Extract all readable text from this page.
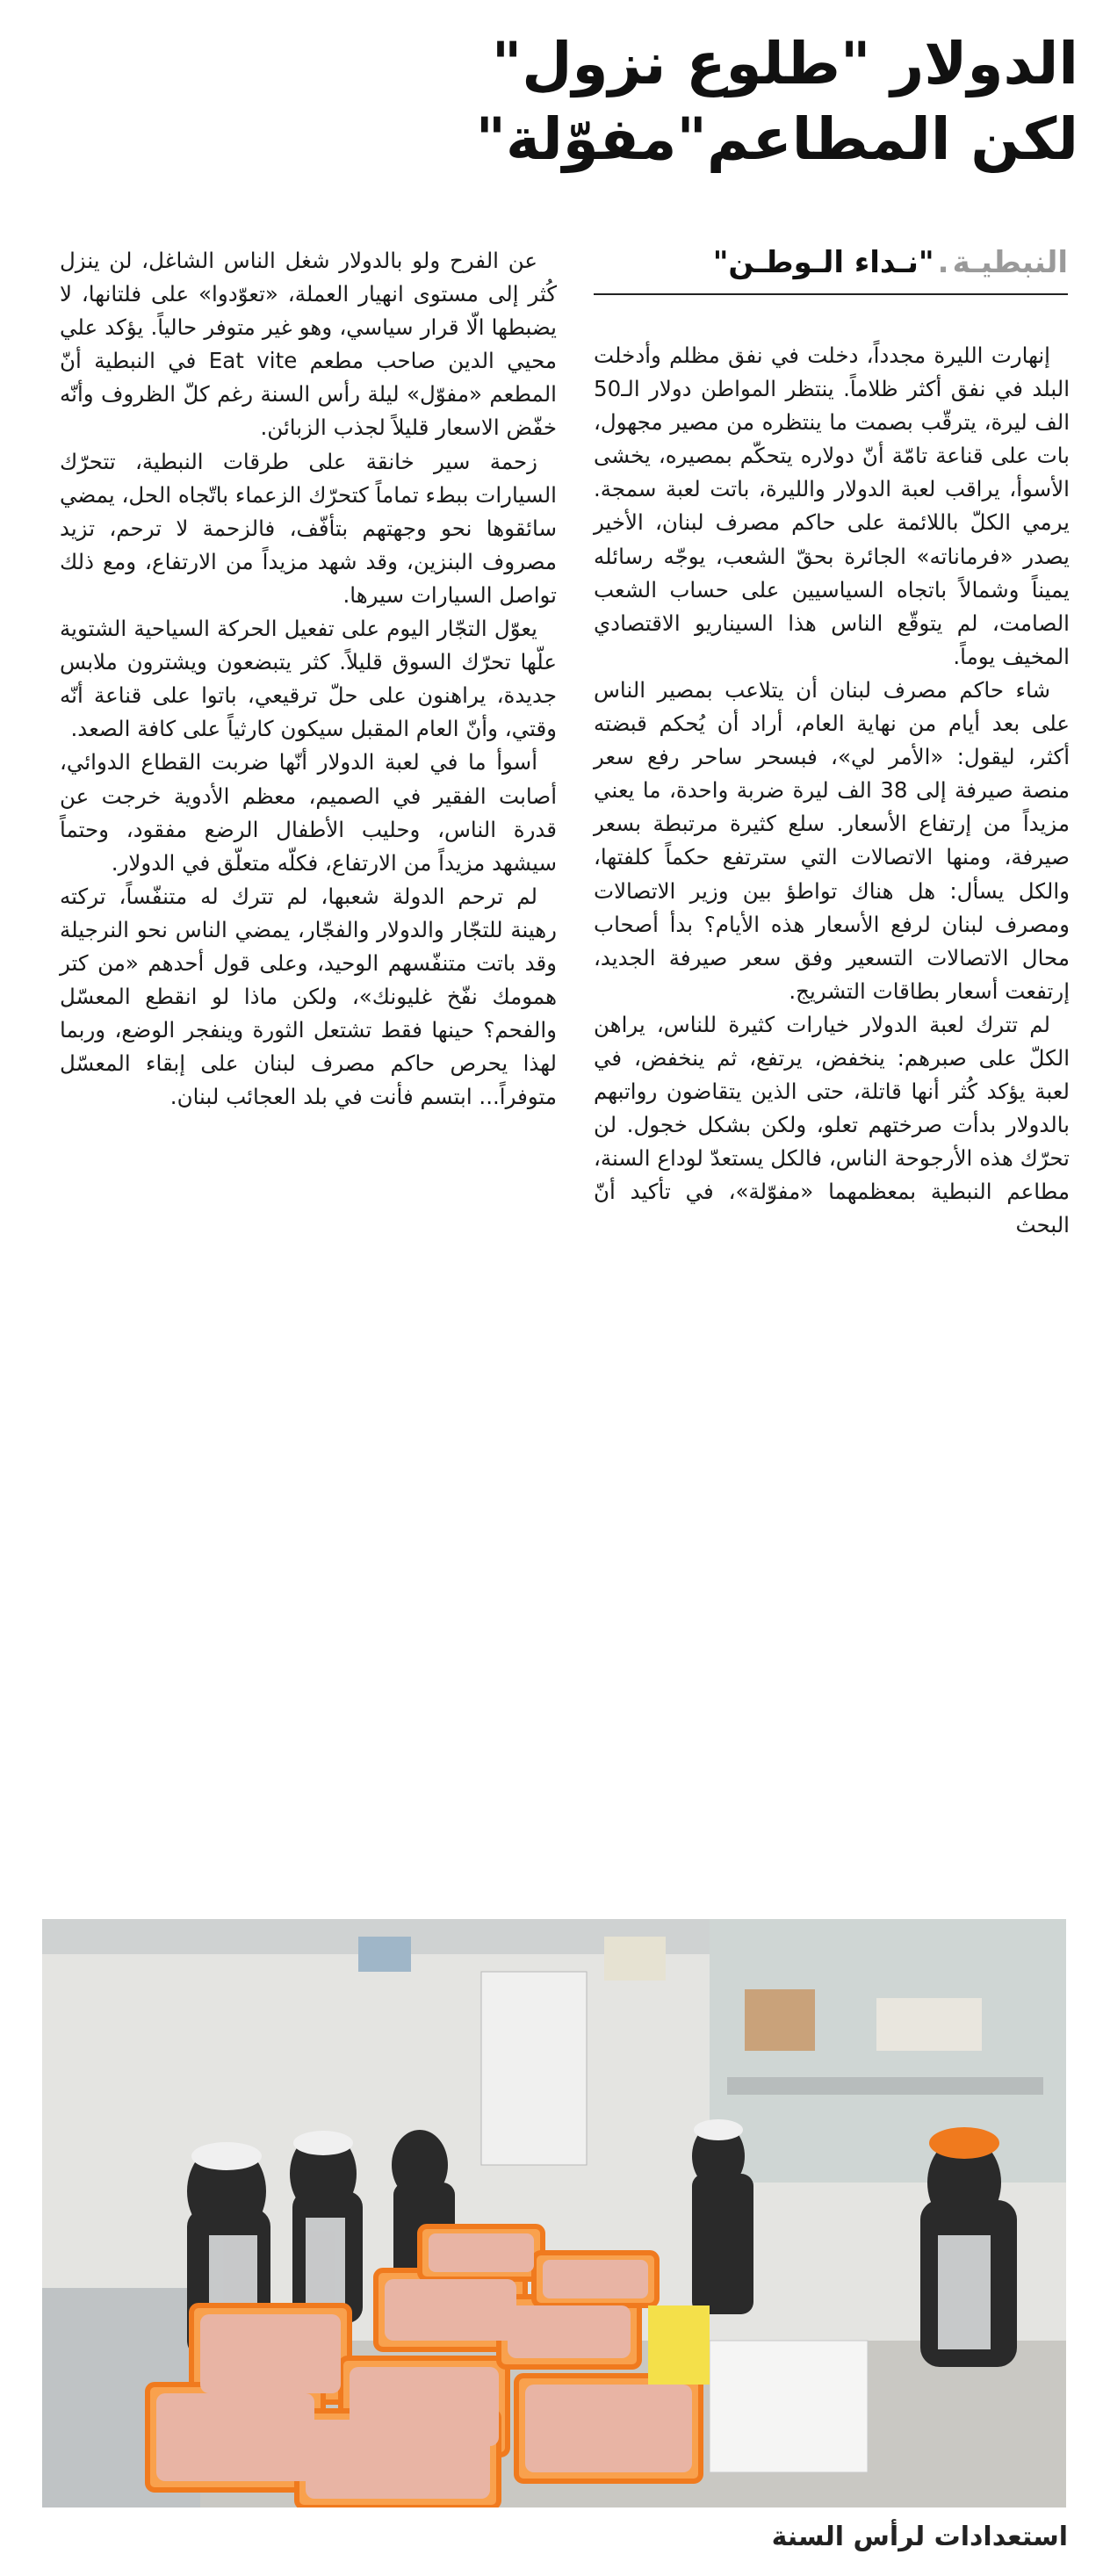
الدولار "طلوع نزول"
لكن المطاعم"مفوّلة"
النبطيـة."نـداء الـوطـن"

إنهارت الليرة مجدداً، دخلت في نفق مظلم وأدخلت البلد في نفق أكثر ظلاماً. ينتظر المواطن دولار الـ50 الف ليرة، يترقّب بصمت ما ينتظره من مصير مجهول، بات على قناعة تامّة أنّ دولاره يتحكّم بمصيره، يخشى الأسوأ، يراقب لعبة الدولار والليرة، باتت لعبة سمجة. يرمي الكلّ باللائمة على حاكم مصرف لبنان، الأخير يصدر «فرماناته» الجائرة بحقّ الشعب، يوجّه رسائله يميناً وشمالاً باتجاه السياسيين على حساب الشعب الصامت، لم يتوقّع الناس هذا السيناريو الاقتصادي المخيف يوماً.

شاء حاكم مصرف لبنان أن يتلاعب بمصير الناس على بعد أيام من نهاية العام، أراد أن يُحكم قبضته أكثر، ليقول: «الأمر لي»، فبسحر ساحر رفع سعر منصة صيرفة إلى 38 الف ليرة ضربة واحدة، ما يعني مزيداً من إرتفاع الأسعار. سلع كثيرة مرتبطة بسعر صيرفة، ومنها الاتصالات التي سترتفع حكماً كلفتها، والكل يسأل: هل هناك تواطؤ بين وزير الاتصالات ومصرف لبنان لرفع الأسعار هذه الأيام؟ بدأ أصحاب محال الاتصالات التسعير وفق سعر صيرفة الجديد، إرتفعت أسعار بطاقات التشريج.

لم تترك لعبة الدولار خيارات كثيرة للناس، يراهن الكلّ على صبرهم: ينخفض، يرتفع، ثم ينخفض، في لعبة يؤكد كُثر أنها قاتلة، حتى الذين يتقاضون رواتبهم بالدولار بدأت صرختهم تعلو، ولكن بشكل خجول. لن تحرّك هذه الأرجوحة الناس، فالكل يستعدّ لوداع السنة، مطاعم النبطية بمعظمهما «مفوّلة»، في تأكيد أنّ البحث

عن الفرح ولو بالدولار شغل الناس الشاغل، لن ينزل كُثر إلى مستوى انهيار العملة، «تعوّدوا» على فلتانها، لا يضبطها الّا قرار سياسي، وهو غير متوفر حالياً. يؤكد علي محيي الدين صاحب مطعم Eat vite في النبطية أنّ المطعم «مفوّل» ليلة رأس السنة رغم كلّ الظروف وأنّه خفّض الاسعار قليلاً لجذب الزبائن.

زحمة سير خانقة على طرقات النبطية، تتحرّك السيارات ببطء تماماً كتحرّك الزعماء باتّجاه الحل، يمضي سائقوها نحو وجهتهم بتأفّف، فالزحمة لا ترحم، تزيد مصروف البنزين، وقد شهد مزيداً من الارتفاع، ومع ذلك تواصل السيارات سيرها.

يعوّل التجّار اليوم على تفعيل الحركة السياحية الشتوية علّها تحرّك السوق قليلاً. كثر يتبضعون ويشترون ملابس جديدة، يراهنون على حلّ ترقيعي، باتوا على قناعة أنّه وقتي، وأنّ العام المقبل سيكون كارثياً على كافة الصعد.

أسوأ ما في لعبة الدولار أنّها ضربت القطاع الدوائي، أصابت الفقير في الصميم، معظم الأدوية خرجت عن قدرة الناس، وحليب الأطفال الرضع مفقود، وحتماً سيشهد مزيداً من الارتفاع، فكلّه متعلّق في الدولار.

لم ترحم الدولة شعبها، لم تترك له متنفّساً، تركته رهينة للتجّار والدولار والفجّار، يمضي الناس نحو النرجيلة وقد باتت متنفّسهم الوحيد، وعلى قول أحدهم «من كتر همومك نفّخ غليونك»، ولكن ماذا لو انقطع المعسّل والفحم؟ حينها فقط تشتعل الثورة وينفجر الوضع، وربما لهذا يحرص حاكم مصرف لبنان على إبقاء المعسّل متوفراً... ابتسم فأنت في بلد العجائب لبنان.

استعدادات لرأس السنة
